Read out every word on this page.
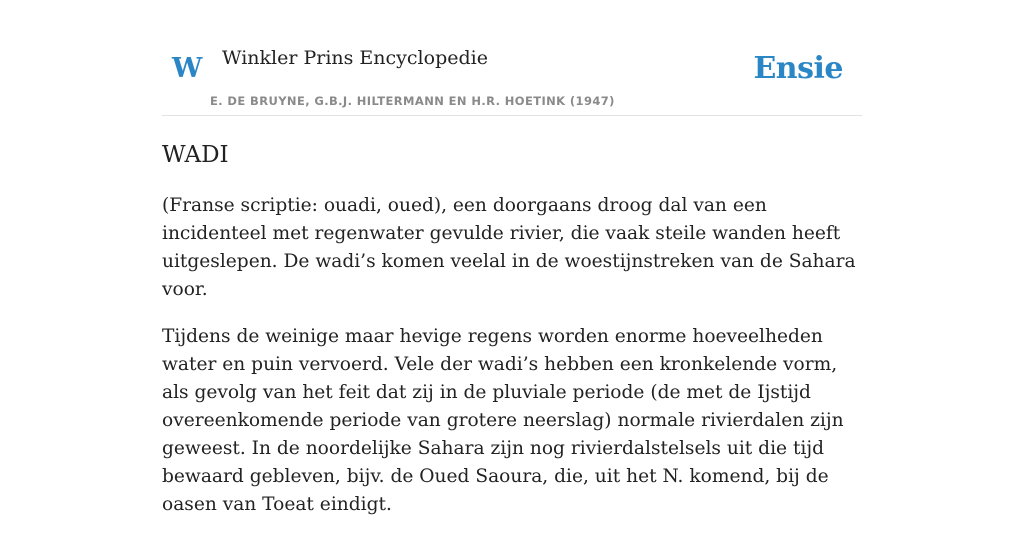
W Winkler Prins Encyclopedie
E. DE BRUYNE, G.B.J. HILTERMANN EN H.R. HOETINK (1947)
Ensie
WADI

(Franse scriptie: ouadi, oued), een doorgaans droog dal van een incidenteel met regenwater gevulde rivier, die vaak steile wanden heeft uitgeslepen. De wadi’s komen veelal in de woestijnstreken van de Sahara voor.

Tijdens de weinige maar hevige regens worden enorme hoeveelheden water en puin vervoerd. Vele der wadi’s hebben een kronkelende vorm, als gevolg van het feit dat zij in de pluviale periode (de met de Ijstijd overeenkomende periode van grotere neerslag) normale rivierdalen zijn geweest. In de noordelijke Sahara zijn nog rivierdalstelsels uit die tijd bewaard gebleven, bijv. de Oued Saoura, die, uit het N. komend, bij de oasen van Toeat eindigt.
